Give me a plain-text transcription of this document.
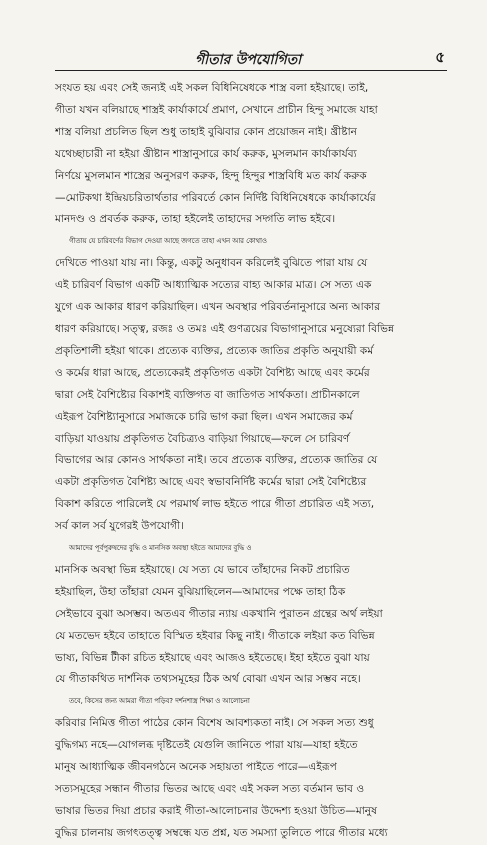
গীতার উপযোগিতা	৫
সংযত হয় এবং সেই জন্যই এই সকল বিধিনিষেধকে শাস্ত্র বলা হইয়াছে। তাই,
গীতা যখন বলিয়াছে শাস্ত্রই কার্যাকার্যে প্রমাণ, সেখানে প্রাচীন হিন্দু সমাজে যাহা
শাস্ত্র বলিয়া প্রচলিত ছিল শুধু তাহাই বুঝিবার কোন প্রয়োজন নাই। খ্রীষ্টান
যথেচ্ছাচারী না হইয়া খ্রীষ্টান শাস্ত্রানুসারে কার্য করুক, মুসলমান কার্যাকার্যব্য
নির্ণয়ে মুসলমান শাস্ত্রের অনুসরণ করুক, হিন্দু হিন্দুর শাস্ত্রবিধি মত কার্য করুক
—মোটকথা ইন্দ্রিয়চরিতার্থতার পরিবর্তে কোন নির্দিষ্ট বিধিনিষেধকে কার্যাকার্যের
মানদণ্ড ও প্রবর্তক করুক, তাহা হইলেই তাহাদের সদ্গতি লাভ হইবে।
গীতায় যে চারিবর্ণের বিভাগ দেওয়া আছে জগতে তাহা এখন আর কোথাও
দেখিতে পাওয়া যায় না। কিন্তু, একটু অনুধাবন করিলেই বুঝিতে পারা যায় যে
এই চারিবর্ণ বিভাগ একটি আধ্যাত্মিক সত্যের বাহ্য আকার মাত্র। সে সত্য এক
যুগে এক আকার ধারণ করিয়াছিল। এখন অবস্থার পরিবর্তনানুসারে অন্য আকার
ধারণ করিয়াছে। সত্ত্ব, রজঃ ও তমঃ এই গুণত্রয়ের বিভাগানুসারে মনুষ্যেরা বিভিন্ন
প্রকৃতিশালী হইয়া থাকে। প্রত্যেক ব্যক্তির, প্রত্যেক জাতির প্রকৃতি অনুযায়ী কর্ম
ও কর্মের ধারা আছে, প্রত্যেকেরই প্রকৃতিগত একটা বৈশিষ্ট্য আছে এবং কর্মের
দ্বারা সেই বৈশিষ্ট্যের বিকাশই ব্যক্তিগত বা জাতিগত সার্থকতা। প্রাচীনকালে
এইরূপ বৈশিষ্ট্যানুসারে সমাজকে চারি ভাগ করা ছিল। এখন সমাজের কর্ম
বাড়িয়া যাওয়ায় প্রকৃতিগত বৈচিত্র্যও বাড়িয়া গিয়াছে—ফলে সে চারিবর্ণ
বিভাগের আর কোনও সার্থকতা নাই। তবে প্রত্যেক ব্যক্তির, প্রত্যেক জাতির যে
একটা প্রকৃতিগত বৈশিষ্ট্য আছে এবং স্বভাবনির্দিষ্ট কর্মের দ্বারা সেই বৈশিষ্ট্যের
বিকাশ করিতে পারিলেই যে পরমার্থ লাভ হইতে পারে গীতা প্রচারিত এই সত্য,
সর্ব কাল সর্ব যুগেরই উপযোগী।
আমাদের পূর্বপুরুষদের বুদ্ধি ও মানসিক অবস্থা হইতে আমাদের বুদ্ধি ও
মানসিক অবস্থা ভিন্ন হইয়াছে। যে সত্য যে ভাবে তাঁহাদের নিকট প্রচারিত
হইয়াছিল, উহা তাঁহারা যেমন বুঝিয়াছিলেন—আমাদের পক্ষে তাহা ঠিক
সেইভাবে বুঝা অসম্ভব। অতএব গীতার ন্যায় একখানি পুরাতন গ্রন্থের অর্থ লইয়া
যে মতভেদ হইবে তাহাতে বিস্মিত হইবার কিছু নাই। গীতাকে লইয়া কত বিভিন্ন
ভাষ্য, বিভিন্ন টীকা রচিত হইয়াছে এবং আজও হইতেছে। ইহা হইতে বুঝা যায়
যে গীতাকথিত দার্শনিক তথ্যসমূহের ঠিক অর্থ বোঝা এখন আর সম্ভব নহে।
তবে, কিসের জন্য আমরা গীতা পড়িব? দর্শনশাস্ত্র শিক্ষা ও আলোচনা
করিবার নিমিত্ত গীতা পাঠের কোন বিশেষ আবশ্যকতা নাই। সে সকল সত্য শুধু
বুদ্ধিগম্য নহে—যোগলব্ধ দৃষ্টিতেই যেগুলি জানিতে পারা যায়—যাহা হইতে
মানুষ আধ্যাত্মিক জীবনগঠনে অনেক সহায়তা পাইতে পারে—এইরূপ
সত্যসমূহের সন্ধান গীতার ভিতর আছে এবং এই সকল সত্য বর্তমান ভাব ও
ভাষার ভিতর দিয়া প্রচার করাই গীতা-আলোচনার উদ্দেশ্য হওয়া উচিত—মানুষ
বুদ্ধির চালনায় জগৎতত্ত্ব সম্বন্ধে যত প্রশ্ন, যত সমস্যা তুলিতে পারে গীতার মধ্যে
